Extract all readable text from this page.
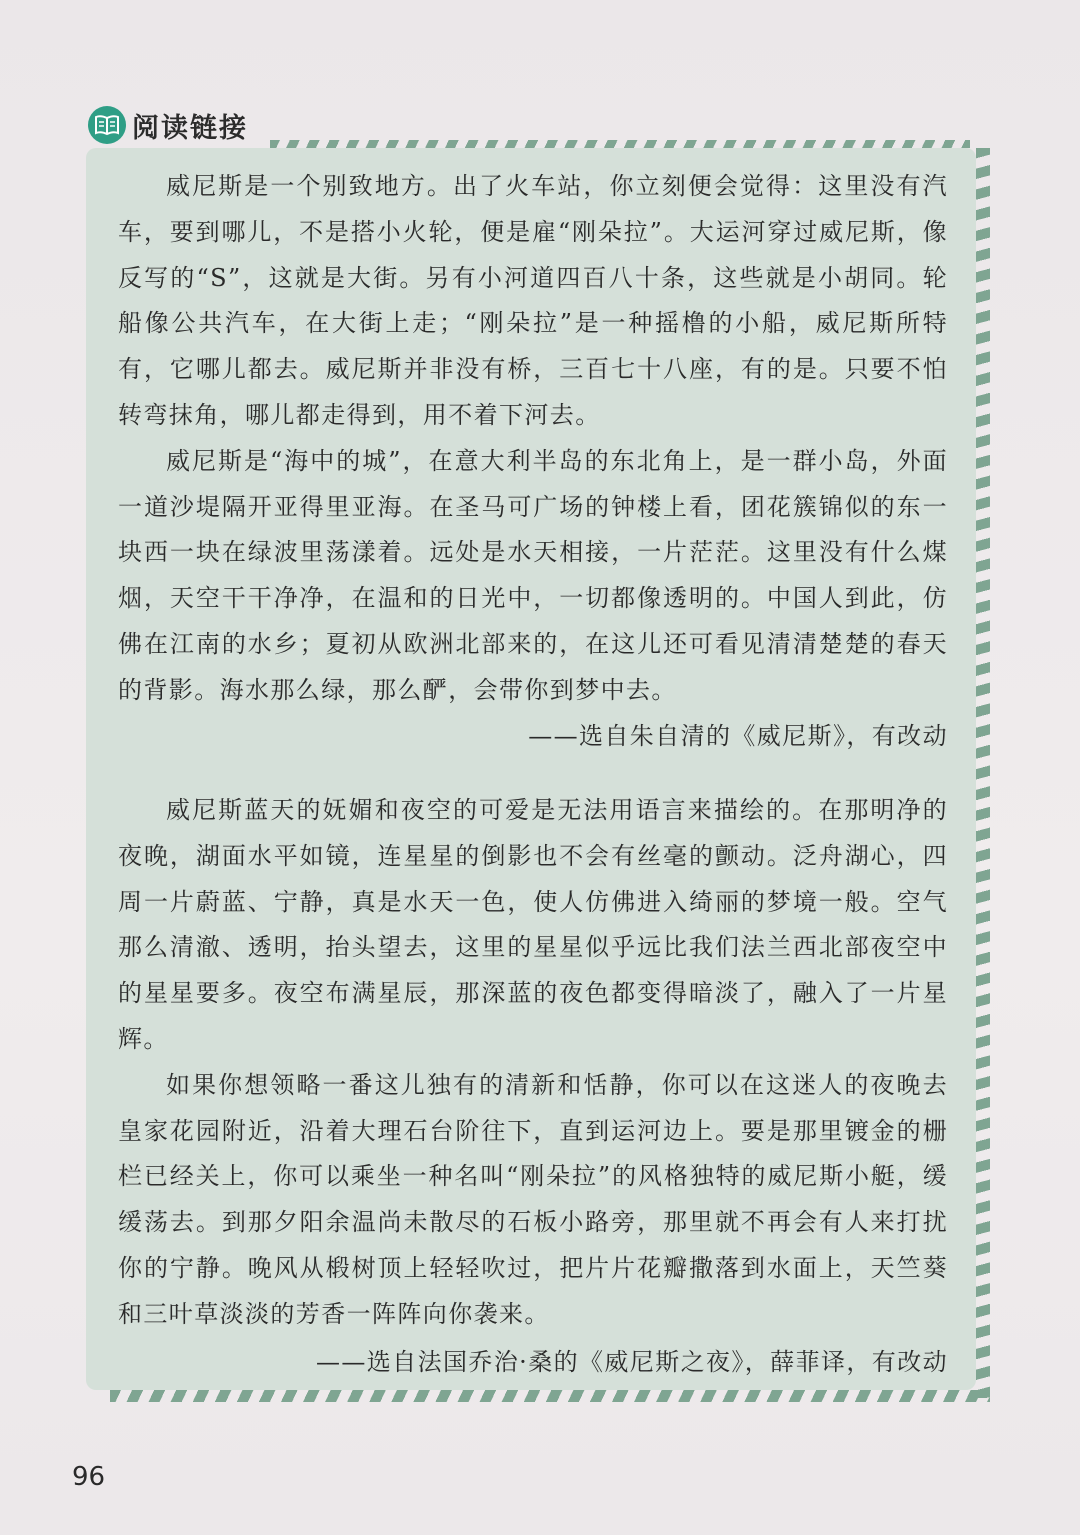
阅读链接

威尼斯是一个别致地方。出了火车站，你立刻便会觉得：这里没有汽车，要到哪儿，不是搭小火轮，便是雇“刚朵拉”。大运河穿过威尼斯，像反写的“S”，这就是大街。另有小河道四百八十条，这些就是小胡同。轮船像公共汽车，在大街上走；“刚朵拉”是一种摇橹的小船，威尼斯所特有，它哪儿都去。威尼斯并非没有桥，三百七十八座，有的是。只要不怕转弯抹角，哪儿都走得到，用不着下河去。

威尼斯是“海中的城”，在意大利半岛的东北角上，是一群小岛，外面一道沙堤隔开亚得里亚海。在圣马可广场的钟楼上看，团花簇锦似的东一块西一块在绿波里荡漾着。远处是水天相接，一片茫茫。这里没有什么煤烟，天空干干净净，在温和的日光中，一切都像透明的。中国人到此，仿佛在江南的水乡；夏初从欧洲北部来的，在这儿还可看见清清楚楚的春天的背影。海水那么绿，那么酽，会带你到梦中去。

——选自朱自清的《威尼斯》，有改动

威尼斯蓝天的妩媚和夜空的可爱是无法用语言来描绘的。在那明净的夜晚，湖面水平如镜，连星星的倒影也不会有丝毫的颤动。泛舟湖心，四周一片蔚蓝、宁静，真是水天一色，使人仿佛进入绮丽的梦境一般。空气那么清澈、透明，抬头望去，这里的星星似乎远比我们法兰西北部夜空中的星星要多。夜空布满星辰，那深蓝的夜色都变得暗淡了，融入了一片星辉。

如果你想领略一番这儿独有的清新和恬静，你可以在这迷人的夜晚去皇家花园附近，沿着大理石台阶往下，直到运河边上。要是那里镀金的栅栏已经关上，你可以乘坐一种名叫“刚朵拉”的风格独特的威尼斯小艇，缓缓荡去。到那夕阳余温尚未散尽的石板小路旁，那里就不再会有人来打扰你的宁静。晚风从椴树顶上轻轻吹过，把片片花瓣撒落到水面上，天竺葵和三叶草淡淡的芳香一阵阵向你袭来。

——选自法国乔治·桑的《威尼斯之夜》，薛菲译，有改动
96
